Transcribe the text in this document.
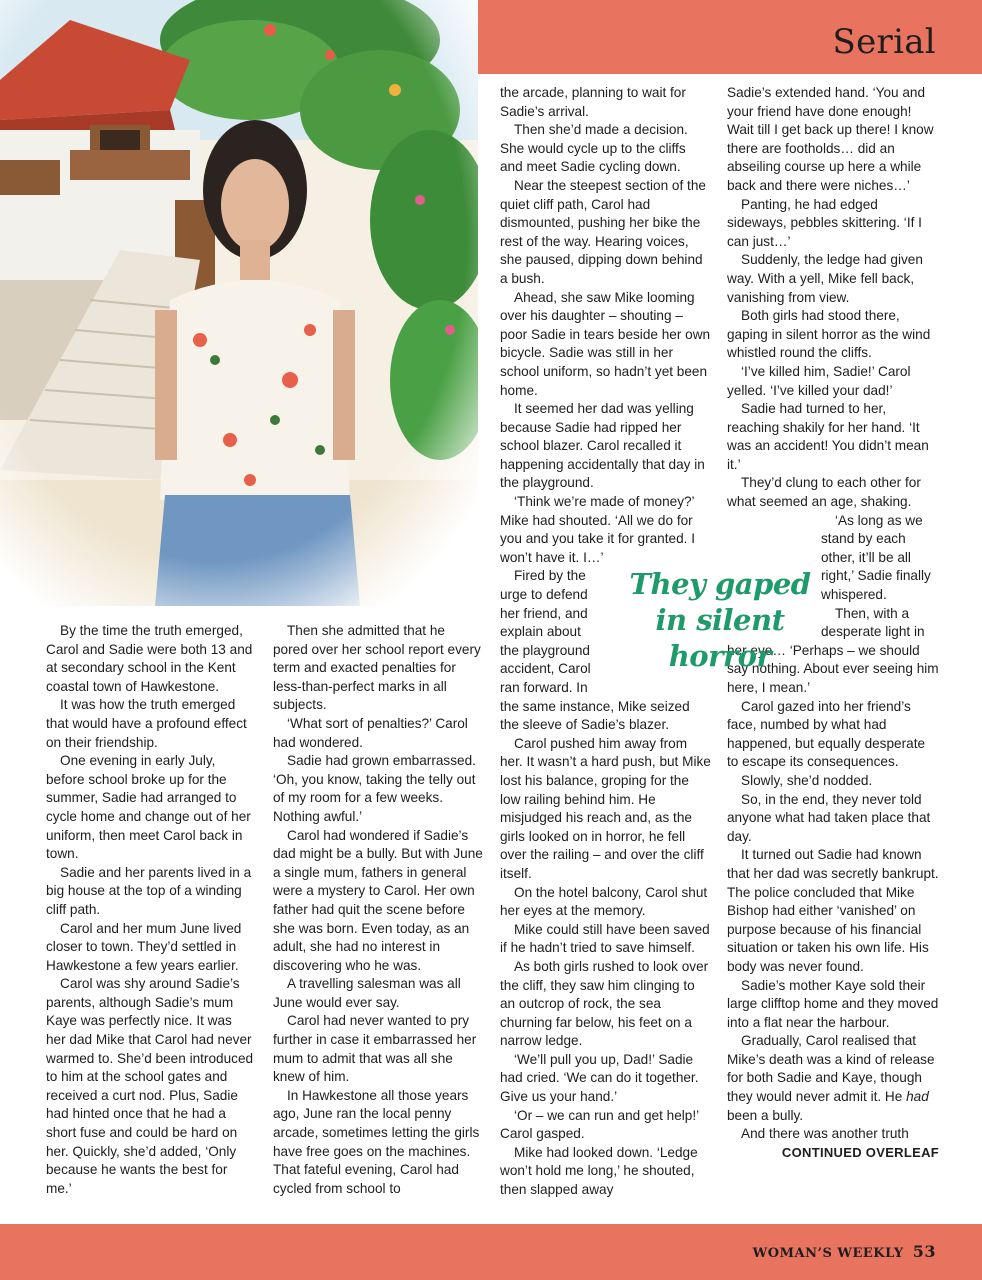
Serial

By the time the truth emerged, Carol and Sadie were both 13 and at secondary school in the Kent coastal town of Hawkestone.

It was how the truth emerged that would have a profound effect on their friendship.

One evening in early July, before school broke up for the summer, Sadie had arranged to cycle home and change out of her uniform, then meet Carol back in town.

Sadie and her parents lived in a big house at the top of a winding cliff path.

Carol and her mum June lived closer to town. They’d settled in Hawkestone a few years earlier.

Carol was shy around Sadie’s parents, although Sadie’s mum Kaye was perfectly nice. It was her dad Mike that Carol had never warmed to. She’d been introduced to him at the school gates and received a curt nod. Plus, Sadie had hinted once that he had a short fuse and could be hard on her. Quickly, she’d added, ‘Only because he wants the best for me.’

Then she admitted that he pored over her school report every term and exacted penalties for less-than-perfect marks in all subjects.

‘What sort of penalties?’ Carol had wondered.

Sadie had grown embarrassed. ‘Oh, you know, taking the telly out of my room for a few weeks. Nothing awful.’

Carol had wondered if Sadie’s dad might be a bully. But with June a single mum, fathers in general were a mystery to Carol. Her own father had quit the scene before she was born. Even today, as an adult, she had no interest in discovering who he was.

A travelling salesman was all June would ever say.

Carol had never wanted to pry further in case it embarrassed her mum to admit that was all she knew of him.

In Hawkestone all those years ago, June ran the local penny arcade, sometimes letting the girls have free goes on the machines. That fateful evening, Carol had cycled from school to

the arcade, planning to wait for Sadie’s arrival.

Then she’d made a decision. She would cycle up to the cliffs and meet Sadie cycling down.

Near the steepest section of the quiet cliff path, Carol had dismounted, pushing her bike the rest of the way. Hearing voices, she paused, dipping down behind a bush.

Ahead, she saw Mike looming over his daughter – shouting – poor Sadie in tears beside her own bicycle. Sadie was still in her school uniform, so hadn’t yet been home.

It seemed her dad was yelling because Sadie had ripped her school blazer. Carol recalled it happening accidentally that day in the playground.

‘Think we’re made of money?’ Mike had shouted. ‘All we do for you and you take it for granted. I won’t have it. I…’

Fired by the urge to defend her friend, and explain about the playground accident, Carol ran forward. In the same instance, Mike seized the sleeve of Sadie’s blazer.

Carol pushed him away from her. It wasn’t a hard push, but Mike lost his balance, groping for the low railing behind him. He misjudged his reach and, as the girls looked on in horror, he fell over the railing – and over the cliff itself.

On the hotel balcony, Carol shut her eyes at the memory.

Mike could still have been saved if he hadn’t tried to save himself.

As both girls rushed to look over the cliff, they saw him clinging to an outcrop of rock, the sea churning far below, his feet on a narrow ledge.

‘We’ll pull you up, Dad!’ Sadie had cried. ‘We can do it together. Give us your hand.’

‘Or – we can run and get help!’ Carol gasped.

Mike had looked down. ‘Ledge won’t hold me long,’ he shouted, then slapped away

Sadie’s extended hand. ‘You and your friend have done enough! Wait till I get back up there! I know there are footholds… did an abseiling course up here a while back and there were niches…’

Panting, he had edged sideways, pebbles skittering. ‘If I can just…’

Suddenly, the ledge had given way. With a yell, Mike fell back, vanishing from view.

Both girls had stood there, gaping in silent horror as the wind whistled round the cliffs.

‘I’ve killed him, Sadie!’ Carol yelled. ‘I’ve killed your dad!’

Sadie had turned to her, reaching shakily for her hand. ‘It was an accident! You didn’t mean it.’

They’d clung to each other for what seemed an age, shaking.

‘As long as we stand by each other, it’ll be all right,’ Sadie finally whispered.

Then, with a desperate light in her eye… ‘Perhaps – we should say nothing. About ever seeing him here, I mean.’

Carol gazed into her friend’s face, numbed by what had happened, but equally desperate to escape its consequences.

Slowly, she’d nodded.

So, in the end, they never told anyone what had taken place that day.

It turned out Sadie had known that her dad was secretly bankrupt. The police concluded that Mike Bishop had either ‘vanished’ on purpose because of his financial situation or taken his own life. His body was never found.

Sadie’s mother Kaye sold their large clifftop home and they moved into a flat near the harbour.

Gradually, Carol realised that Mike’s death was a kind of release for both Sadie and Kaye, though they would never admit it. He had been a bully.

And there was another truth

CONTINUED OVERLEAF
They gaped
in silent
horror
WOMAN’S WEEKLY 53
